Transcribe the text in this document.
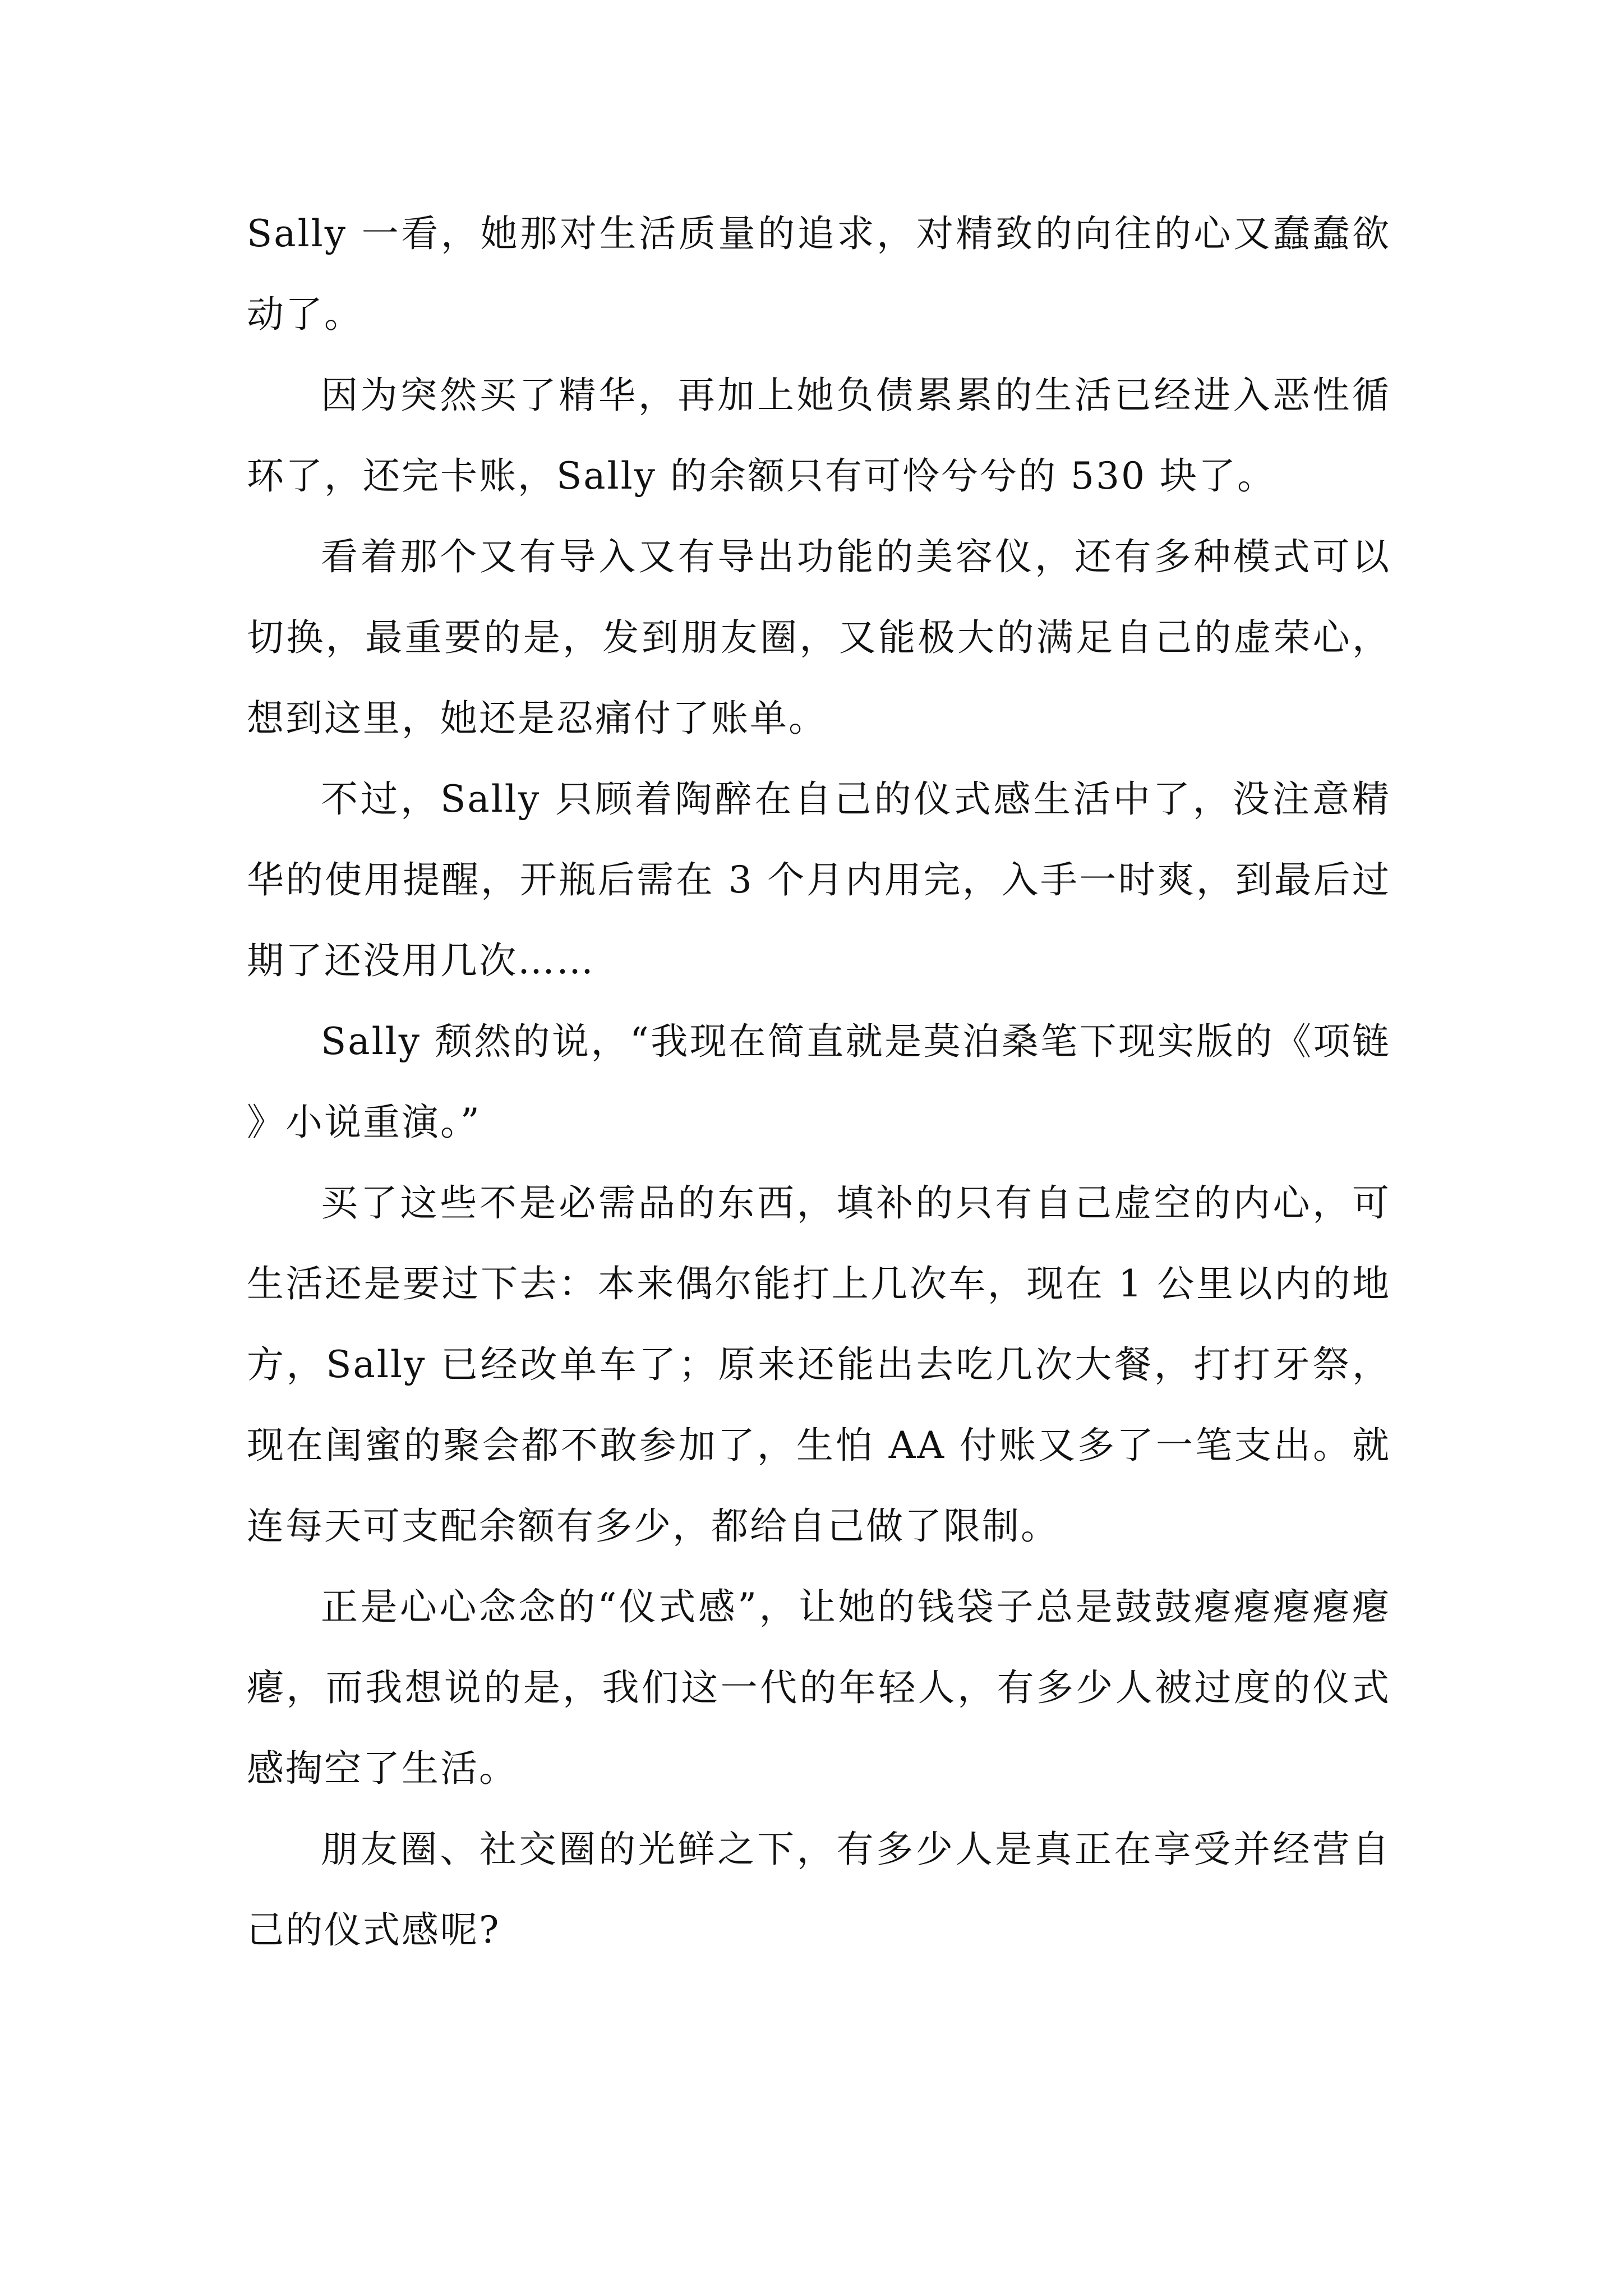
Sally 一看，她那对生活质量的追求，对精致的向往的心又蠢蠢欲动了。

因为突然买了精华，再加上她负债累累的生活已经进入恶性循环了，还完卡账，Sally 的余额只有可怜兮兮的 530 块了。

看着那个又有导入又有导出功能的美容仪，还有多种模式可以切换，最重要的是，发到朋友圈，又能极大的满足自己的虚荣心，想到这里，她还是忍痛付了账单。

不过，Sally 只顾着陶醉在自己的仪式感生活中了，没注意精华的使用提醒，开瓶后需在 3 个月内用完，入手一时爽，到最后过期了还没用几次……

Sally 颓然的说，“我现在简直就是莫泊桑笔下现实版的《项链》小说重演。”

买了这些不是必需品的东西，填补的只有自己虚空的内心，可生活还是要过下去：本来偶尔能打上几次车，现在 1 公里以内的地方，Sally 已经改单车了；原来还能出去吃几次大餐，打打牙祭，现在闺蜜的聚会都不敢参加了，生怕 AA 付账又多了一笔支出。就连每天可支配余额有多少，都给自己做了限制。

正是心心念念的“仪式感”，让她的钱袋子总是鼓鼓瘪瘪瘪瘪瘪瘪，而我想说的是，我们这一代的年轻人，有多少人被过度的仪式感掏空了生活。

朋友圈、社交圈的光鲜之下，有多少人是真正在享受并经营自己的仪式感呢?
